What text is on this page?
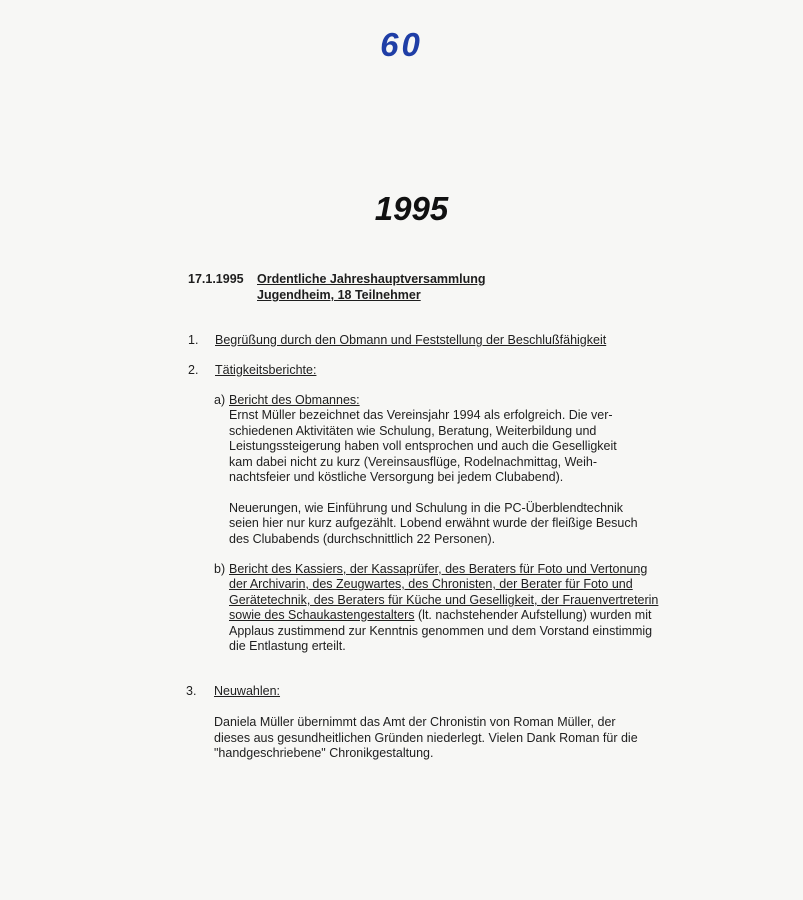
60
1995
17.1.1995 Ordentliche Jahreshauptversammlung
Jugendheim, 18 Teilnehmer
1. Begrüßung durch den Obmann und Feststellung der Beschlußfähigkeit
2. Tätigkeitsberichte:
a) Bericht des Obmannes:
Ernst Müller bezeichnet das Vereinsjahr 1994 als erfolgreich. Die ver-
schiedenen Aktivitäten wie Schulung, Beratung, Weiterbildung und
Leistungssteigerung haben voll entsprochen und auch die Geselligkeit
kam dabei nicht zu kurz (Vereinsausflüge, Rodelnachmittag, Weih-
nachtsfeier und köstliche Versorgung bei jedem Clubabend).
Neuerungen, wie Einführung und Schulung in die PC-Überblendtechnik
seien hier nur kurz aufgezählt. Lobend erwähnt wurde der fleißige Besuch
des Clubabends (durchschnittlich 22 Personen).
b) Bericht des Kassiers, der Kassaprüfer, des Beraters für Foto und Vertonung
der Archivarin, des Zeugwartes, des Chronisten, der Berater für Foto und
Gerätetechnik, des Beraters für Küche und Geselligkeit, der Frauenvertreterin
sowie des Schaukastengestalters (lt. nachstehender Aufstellung) wurden mit
Applaus zustimmend zur Kenntnis genommen und dem Vorstand einstimmig
die Entlastung erteilt.
3. Neuwahlen:
Daniela Müller übernimmt das Amt der Chronistin von Roman Müller, der
dieses aus gesundheitlichen Gründen niederlegt. Vielen Dank Roman für die
"handgeschriebene" Chronikgestaltung.
